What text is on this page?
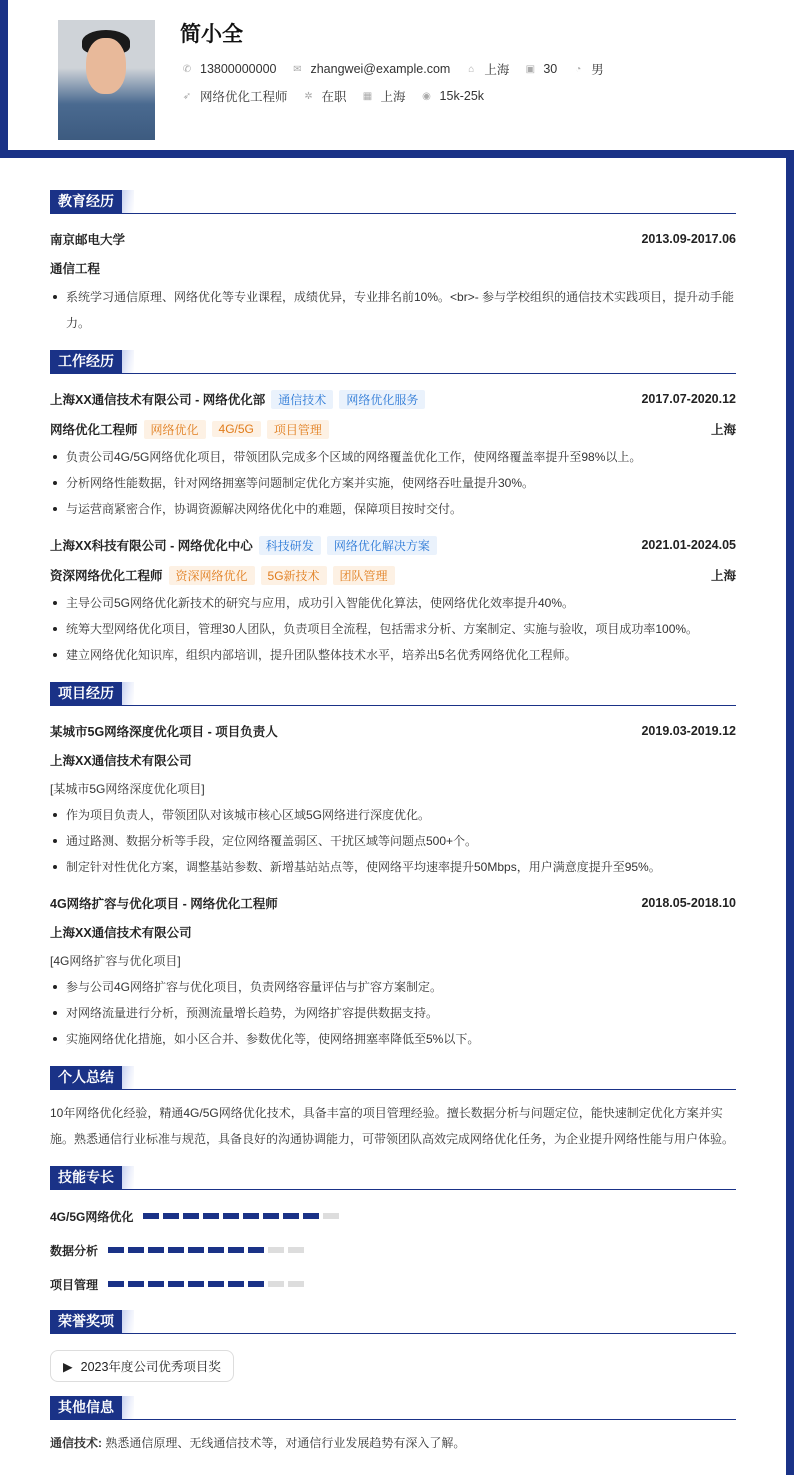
简小全
✆ 13800000000 ✉ zhangwei@example.com	⌂ 上海 ▣ 30	◔ 男
➶ 网络优化工程师 ✲ 在职 ▦ 上海 ◉ 15k-25k
教育经历
南京邮电大学	2013.09-2017.06
通信工程
系统学习通信原理、网络优化等专业课程，成绩优异，专业排名前10%。<br>- 参与学校组织的通信技术实践项目，提升动手能力。
工作经历
上海XX通信技术有限公司 - 网络优化部	通信技术	网络优化服务	2017.07-2020.12
网络优化工程师	网络优化	4G/5G	项目管理	上海
负责公司4G/5G网络优化项目，带领团队完成多个区域的网络覆盖优化工作，使网络覆盖率提升至98%以上。
分析网络性能数据，针对网络拥塞等问题制定优化方案并实施，使网络吞吐量提升30%。
与运营商紧密合作，协调资源解决网络优化中的难题，保障项目按时交付。
上海XX科技有限公司 - 网络优化中心	科技研发	网络优化解决方案	2021.01-2024.05
资深网络优化工程师	资深网络优化	5G新技术	团队管理	上海
主导公司5G网络优化新技术的研究与应用，成功引入智能优化算法，使网络优化效率提升40%。
统筹大型网络优化项目，管理30人团队，负责项目全流程，包括需求分析、方案制定、实施与验收，项目成功率100%。
建立网络优化知识库，组织内部培训，提升团队整体技术水平，培养出5名优秀网络优化工程师。
项目经历
某城市5G网络深度优化项目 - 项目负责人	2019.03-2019.12
上海XX通信技术有限公司
[某城市5G网络深度优化项目]
作为项目负责人，带领团队对该城市核心区域5G网络进行深度优化。
通过路测、数据分析等手段，定位网络覆盖弱区、干扰区域等问题点500+个。
制定针对性优化方案，调整基站参数、新增基站站点等，使网络平均速率提升50Mbps，用户满意度提升至95%。
4G网络扩容与优化项目 - 网络优化工程师	2018.05-2018.10
上海XX通信技术有限公司
[4G网络扩容与优化项目]
参与公司4G网络扩容与优化项目，负责网络容量评估与扩容方案制定。
对网络流量进行分析，预测流量增长趋势，为网络扩容提供数据支持。
实施网络优化措施，如小区合并、参数优化等，使网络拥塞率降低至5%以下。
个人总结
10年网络优化经验，精通4G/5G网络优化技术，具备丰富的项目管理经验。擅长数据分析与问题定位，能快速制定优化方案并实施。熟悉通信行业标准与规范，具备良好的沟通协调能力，可带领团队高效完成网络优化任务，为企业提升网络性能与用户体验。
技能专长
4G/5G网络优化
数据分析
项目管理
荣誉奖项
▶ 2023年度公司优秀项目奖
其他信息
通信技术: 熟悉通信原理、无线通信技术等，对通信行业发展趋势有深入了解。
